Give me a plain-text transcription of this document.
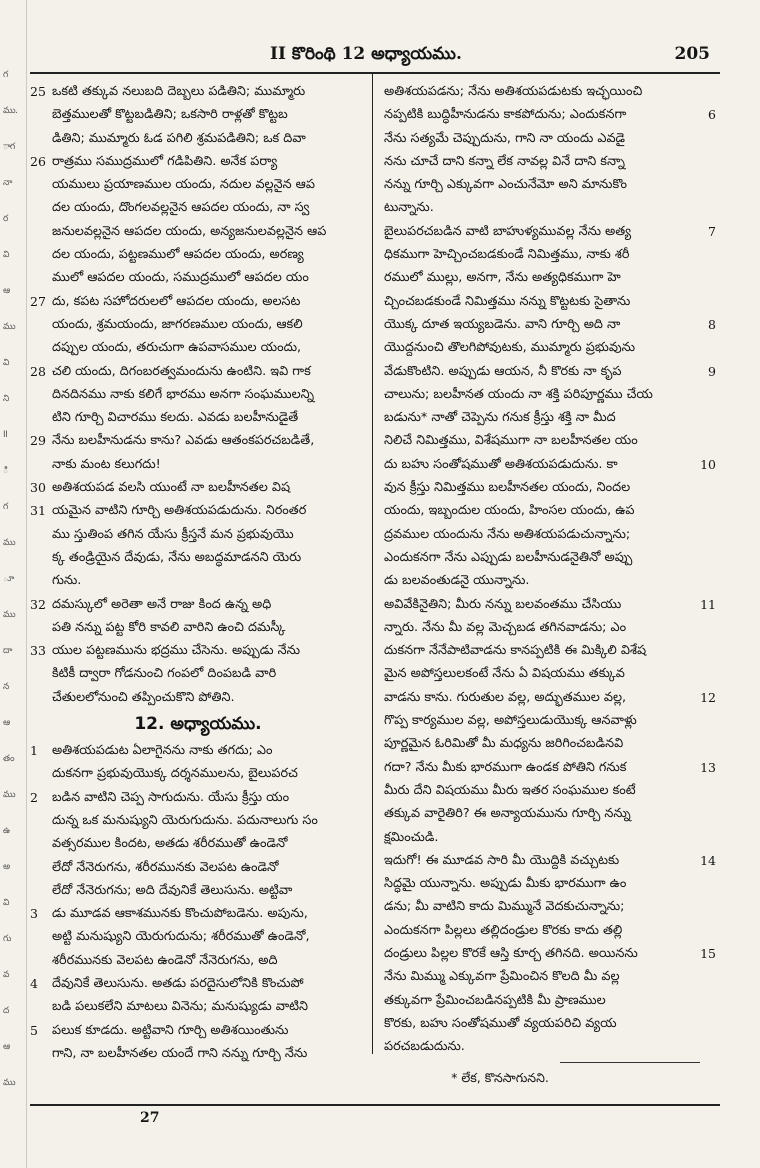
గ
ము.
ాగ
నా
ర
వి
ఆ
ము
వి
ని
II
ి
గ
ము
ూ
ము
దా
న
ఆ
తం
ము
ఉ
అ
వి
గు
వ
ద
ఆ
ము
II కొరింథి 12 అధ్యాయము.	205
25 ఒకటి తక్కువ నలుబది దెబ్బలు పడితిని; ముమ్మారు
బెత్తములతో కొట్టబడితిని; ఒకసారి రాళ్లతో కొట్టబ
డితిని; ముమ్మారు ఓడ పగిలి శ్రమపడితిని; ఒక దివా
26 రాత్రము సముద్రములో గడిపితిని. అనేక పర్యా
యములు ప్రయాణముల యందు, నదుల వల్లనైన ఆప
దల యందు, దొంగలవల్లనైన ఆపదల యందు, నా స్వ
జనులవల్లనైన ఆపదల యందు, అన్యజనులవల్లనైన ఆప
దల యందు, పట్టణములో ఆపదల యందు, అరణ్య
ములో ఆపదల యందు, సముద్రములో ఆపదల యం
27 దు, కపట సహోదరులలో ఆపదల యందు, అలసట
యందు, శ్రమయందు, జాగరణముల యందు, ఆకలి
దప్పుల యందు, తరుచుగా ఉపవాసముల యందు,
28 చలి యందు, దిగంబరత్వమందును ఉంటిని. ఇవి గాక
దినదినము నాకు కలిగే భారము అనగా సంఘములన్ని
టిని గూర్చి విచారము కలదు. ఎవడు బలహీనుడైతే
29 నేను బలహీనుడను కాను? ఎవడు ఆతంకపరచబడితే,
నాకు మంట కలుగదు!
30 అతిశయపడ వలసి యుంటే నా బలహీనతల విష
31 యమైన వాటిని గూర్చి అతిశయపడుదును. నిరంతర
ము స్తుతింప తగిన యేసు క్రీస్తనే మన ప్రభువుయొ
క్క తండ్రియైన దేవుడు, నేను అబద్ధమాడనని యెరు
గును.
32 దమస్కులో అరెతా అనే రాజు కింద ఉన్న అధి
పతి నన్ను పట్ట కోరి కావలి వారిని ఉంచి దమస్కీ
33 యుల పట్టణమును భద్రము చేసెను. అప్పుడు నేను
కిటికీ ద్వారా గోడనుంచి గంపలో దింపబడి వారి
చేతులలోనుంచి తప్పించుకొని పోతిని.
12. అధ్యాయము.
1 అతిశయపడుట ఏలాగైనను నాకు తగదు; ఎం
దుకనగా ప్రభువుయొక్క దర్శనములను, బైలుపరచ
2 బడిన వాటిని చెప్ప సాగుదును. యేసు క్రీస్తు యం
దున్న ఒక మనుష్యుని యెరుగుదును. పదునాలుగు సం
వత్సరముల కిందట, అతడు శరీరముతో ఉండెనో
లేదో నేనెరుగను, శరీరమునకు వెలపట ఉండెనో
లేదో నేనెరుగను; అది దేవునికే తెలుసును. అట్టివా
3 డు మూడవ ఆకాశమునకు కొంచుపోబడెను. అపును,
అట్టి మనుష్యుని యెరుగుదును; శరీరముతో ఉండెనో,
శరీరమునకు వెలపట ఉండెనో నేనెరుగను, అది
4 దేవునికే తెలుసును. అతడు పరదైసులోనికి కొంచుపో
బడి పలుకలేని మాటలు వినెను; మనుష్యుడు వాటిని
5 పలుక కూడదు. అట్టివాని గూర్చి అతిశయింతును
గాని, నా బలహీనతల యందే గాని నన్ను గూర్చి నేను
అతిశయపడను; నేను అతిశయపడుటకు ఇచ్ఛయించి
6
నప్పటికి బుద్ధిహీనుడను కాకపోదును; ఎందుకనగా
నేను సత్యమే చెప్పుదును, గాని నా యందు ఎవడై
నను చూచే దాని కన్నా లేక నావల్ల వినే దాని కన్నా
నన్ను గూర్చి ఎక్కువగా ఎంచునేమో అని మానుకొం
టున్నాను.
7
బైలుపరచబడిన వాటి బాహుళ్యమువల్ల నేను అత్య
ధికముగా హెచ్చించబడకుండే నిమిత్తము, నాకు శరీ
రములో ముల్లు, అనగా, నేను అత్యధికముగా హె
చ్చించబడకుండే నిమిత్తము నన్ను కొట్టటకు సైతాను
8
యొక్క దూత ఇయ్యబడెను. వాని గూర్చి అది నా
యొద్దనుంచి తొలగిపోవుటకు, ముమ్మారు ప్రభువును
9
వేడుకొంటిని. అప్పుడు ఆయన, నీ కొరకు నా కృప
చాలును; బలహీనత యందు నా శక్తి పరిపూర్ణము చేయ
బడును* నాతో చెప్పెను గనుక క్రీస్తు శక్తి నా మీద
నిలిచే నిమిత్తము, విశేషముగా నా బలహీనతల యం
10
దు బహు సంతోషముతో అతిశయపడుదును. కా
వున క్రీస్తు నిమిత్తము బలహీనతల యందు, నిందల
యందు, ఇబ్బందుల యందు, హింసల యందు, ఉప
ద్రవముల యందును నేను అతిశయపడుచున్నాను;
ఎందుకనగా నేను ఎప్పుడు బలహీనుడనైతినో అప్పు
డు బలవంతుడనై యున్నాను.
11
అవివేకినైతిని; మీరు నన్ను బలవంతము చేసియు
న్నారు. నేను మీ వల్ల మెచ్చబడ తగినవాడను; ఎం
దుకనగా నేనేపాటివాడను కానప్పటికి ఈ మిక్కిలి విశేష
మైన అపోస్తలులకంటే నేను ఏ విషయము తక్కువ
12
వాడను కాను. గురుతుల వల్ల, అద్భుతముల వల్ల,
గొప్ప కార్యముల వల్ల, అపోస్తలుడుయొక్క ఆనవాళ్లు
పూర్ణమైన ఓరిమితో మీ మధ్యను జరిగించబడినవి
13
గదా? నేను మీకు భారముగా ఉండక పోతిని గనుక
మీరు దేని విషయము మీరు ఇతర సంఘముల కంటే
తక్కువ వారైతిరి? ఈ అన్యాయమును గూర్చి నన్ను
క్షమించుడి.
14
ఇదుగో! ఈ మూడవ సారి మీ యొద్దికి వచ్చుటకు
సిద్ధమై యున్నాను. అప్పుడు మీకు భారముగా ఉం
డను; మీ వాటిని కాదు మిమ్మునే వెదకుచున్నాను;
ఎందుకనగా పిల్లలు తల్లిదండ్రుల కొరకు కాదు తల్లి
15
దండ్రులు పిల్లల కొరకే ఆస్తి కూర్చ తగినది. అయినను
నేను మిమ్ము ఎక్కువగా ప్రేమించిన కొలది మీ వల్ల
తక్కువగా ప్రేమించబడినప్పటికి మీ ప్రాణముల
కొరకు, బహు సంతోషముతో వ్యయపరిచి వ్యయ
పరచబడుదును.
* లేక, కొనసాగునని.
27
